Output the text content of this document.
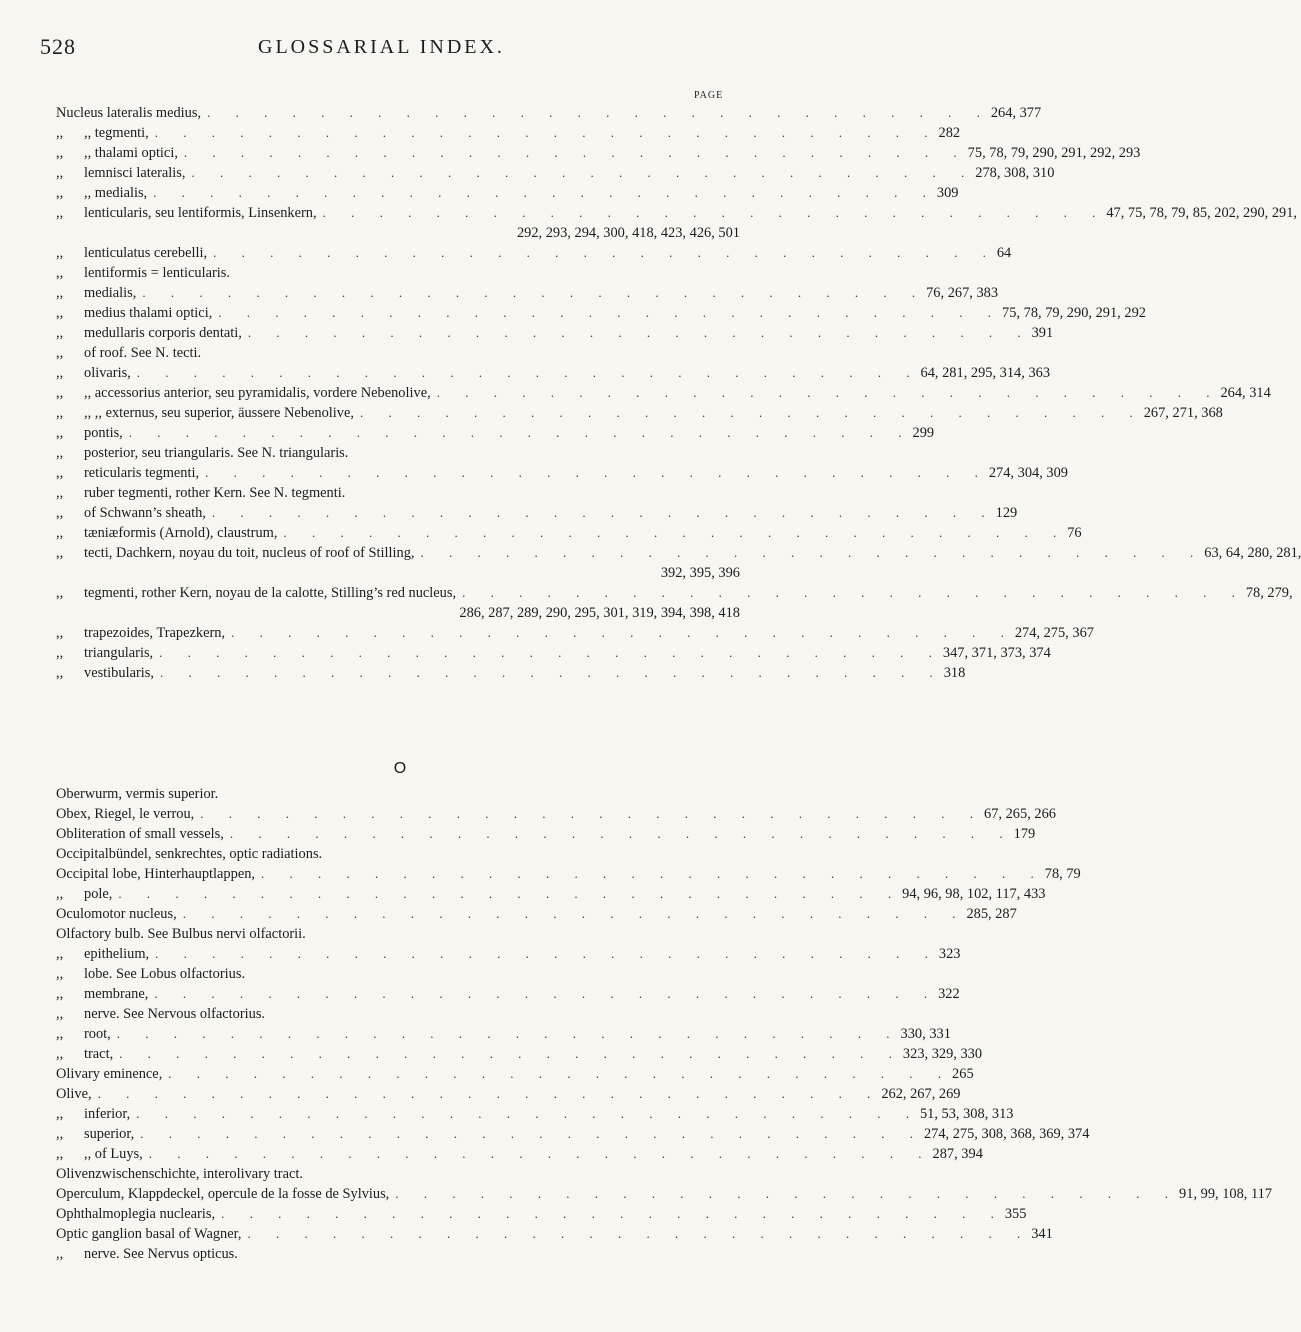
528	GLOSSARIAL INDEX.
PAGE
Nucleus lateralis medius, . . . . . . . . . . . . . . . . . . . . . . . . . . . . 264, 377
,,	,, tegmenti, . . . . . . . . . . . . . . . . . . . . . . . . . . . . 282
,,	,, thalami optici, . . . . . . . . . . . . . . . . . . . . . . . . . . . . 75, 78, 79, 290, 291, 292, 293
,,	lemnisci lateralis, . . . . . . . . . . . . . . . . . . . . . . . . . . . . 278, 308, 310
,,	,, medialis, . . . . . . . . . . . . . . . . . . . . . . . . . . . . 309
,,	lenticularis, seu lentiformis, Linsenkern, . . . . . . . . . . . . . . . . . . . . . . . . . . . . 47, 75, 78, 79, 85, 202, 290, 291,
292, 293, 294, 300, 418, 423, 426, 501
,,	lenticulatus cerebelli, . . . . . . . . . . . . . . . . . . . . . . . . . . . . 64
,,	lentiformis = lenticularis.
,,	medialis, . . . . . . . . . . . . . . . . . . . . . . . . . . . . 76, 267, 383
,,	medius thalami optici, . . . . . . . . . . . . . . . . . . . . . . . . . . . . 75, 78, 79, 290, 291, 292
,,	medullaris corporis dentati, . . . . . . . . . . . . . . . . . . . . . . . . . . . . 391
,,	of roof. See N. tecti.
,,	olivaris, . . . . . . . . . . . . . . . . . . . . . . . . . . . . 64, 281, 295, 314, 363
,,	,, accessorius anterior, seu pyramidalis, vordere Nebenolive, . . . . . . . . . . . . . . . . . . . . . . . . . . . . 264, 314
,,	,, ,, externus, seu superior, äussere Nebenolive, . . . . . . . . . . . . . . . . . . . . . . . . . . . . 267, 271, 368
,,	pontis, . . . . . . . . . . . . . . . . . . . . . . . . . . . . 299
,,	posterior, seu triangularis. See N. triangularis.
,,	reticularis tegmenti, . . . . . . . . . . . . . . . . . . . . . . . . . . . . 274, 304, 309
,,	ruber tegmenti, rother Kern. See N. tegmenti.
,,	of Schwann’s sheath, . . . . . . . . . . . . . . . . . . . . . . . . . . . . 129
,,	tæniæformis (Arnold), claustrum, . . . . . . . . . . . . . . . . . . . . . . . . . . . . 76
,,	tecti, Dachkern, noyau du toit, nucleus of roof of Stilling, . . . . . . . . . . . . . . . . . . . . . . . . . . . . 63, 64, 280, 281,
392, 395, 396
,,	tegmenti, rother Kern, noyau de la calotte, Stilling’s red nucleus, . . . . . . . . . . . . . . . . . . . . . . . . . . . . 78, 279,
286, 287, 289, 290, 295, 301, 319, 394, 398, 418
,,	trapezoides, Trapezkern, . . . . . . . . . . . . . . . . . . . . . . . . . . . . 274, 275, 367
,,	triangularis, . . . . . . . . . . . . . . . . . . . . . . . . . . . . 347, 371, 373, 374
,,	vestibularis, . . . . . . . . . . . . . . . . . . . . . . . . . . . . 318
O
Oberwurm, vermis superior.
Obex, Riegel, le verrou, . . . . . . . . . . . . . . . . . . . . . . . . . . . . 67, 265, 266
Obliteration of small vessels, . . . . . . . . . . . . . . . . . . . . . . . . . . . . 179
Occipitalbündel, senkrechtes, optic radiations.
Occipital lobe, Hinterhauptlappen, . . . . . . . . . . . . . . . . . . . . . . . . . . . . 78, 79
,,	pole, . . . . . . . . . . . . . . . . . . . . . . . . . . . . 94, 96, 98, 102, 117, 433
Oculomotor nucleus, . . . . . . . . . . . . . . . . . . . . . . . . . . . . 285, 287
Olfactory bulb. See Bulbus nervi olfactorii.
,,	epithelium, . . . . . . . . . . . . . . . . . . . . . . . . . . . . 323
,,	lobe. See Lobus olfactorius.
,,	membrane, . . . . . . . . . . . . . . . . . . . . . . . . . . . . 322
,,	nerve. See Nervous olfactorius.
,,	root, . . . . . . . . . . . . . . . . . . . . . . . . . . . . 330, 331
,,	tract, . . . . . . . . . . . . . . . . . . . . . . . . . . . . 323, 329, 330
Olivary eminence, . . . . . . . . . . . . . . . . . . . . . . . . . . . . 265
Olive, . . . . . . . . . . . . . . . . . . . . . . . . . . . . 262, 267, 269
,,	inferior, . . . . . . . . . . . . . . . . . . . . . . . . . . . . 51, 53, 308, 313
,,	superior, . . . . . . . . . . . . . . . . . . . . . . . . . . . . 274, 275, 308, 368, 369, 374
,,	,, of Luys, . . . . . . . . . . . . . . . . . . . . . . . . . . . . 287, 394
Olivenzwischenschichte, interolivary tract.
Operculum, Klappdeckel, opercule de la fosse de Sylvius, . . . . . . . . . . . . . . . . . . . . . . . . . . . . 91, 99, 108, 117
Ophthalmoplegia nuclearis, . . . . . . . . . . . . . . . . . . . . . . . . . . . . 355
Optic ganglion basal of Wagner, . . . . . . . . . . . . . . . . . . . . . . . . . . . . 341
,,	nerve. See Nervus opticus.
